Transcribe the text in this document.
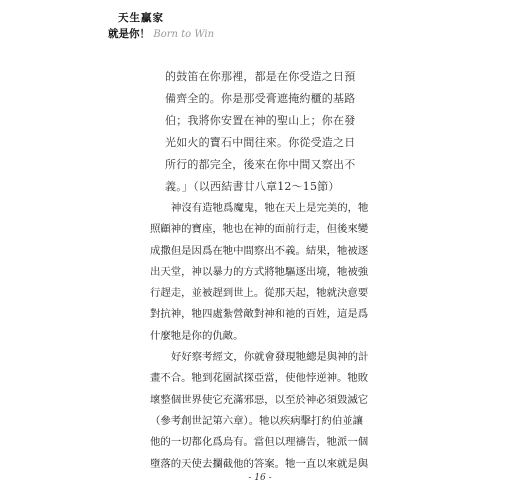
天生贏家
就是你！ Born to Win

的鼓笛在你那裡，都是在你受造之日預

備齊全的。你是那受膏遮掩約櫃的基路

伯；我將你安置在神的聖山上；你在發

光如火的寶石中間往來。你從受造之日

所行的都完全，後來在你中間又察出不

義。」（以西結書廿八章12〜15節）

神沒有造牠爲魔鬼，牠在天上是完美的，牠

照顧神的寶座，牠也在神的面前行走，但後來變

成撒但是因爲在牠中間察出不義。結果，牠被逐

出天堂，神以暴力的方式將牠驅逐出境，牠被強

行趕走，並被趕到世上。從那天起，牠就決意要

對抗神，牠四處紮營敵對神和祂的百姓，這是爲

什麼牠是你的仇敵。

好好察考經文，你就會發現牠總是與神的計

畫不合。牠到花園試探亞當，使他悖逆神。牠敗

壞整個世界使它充滿邪惡，以至於神必須毀滅它

（參考創世記第六章）。牠以疾病擊打約伯並讓

他的一切都化爲烏有。當但以理禱告，牠派一個

墮落的天使去攔截他的答案。牠一直以來就是與

- 16 -
